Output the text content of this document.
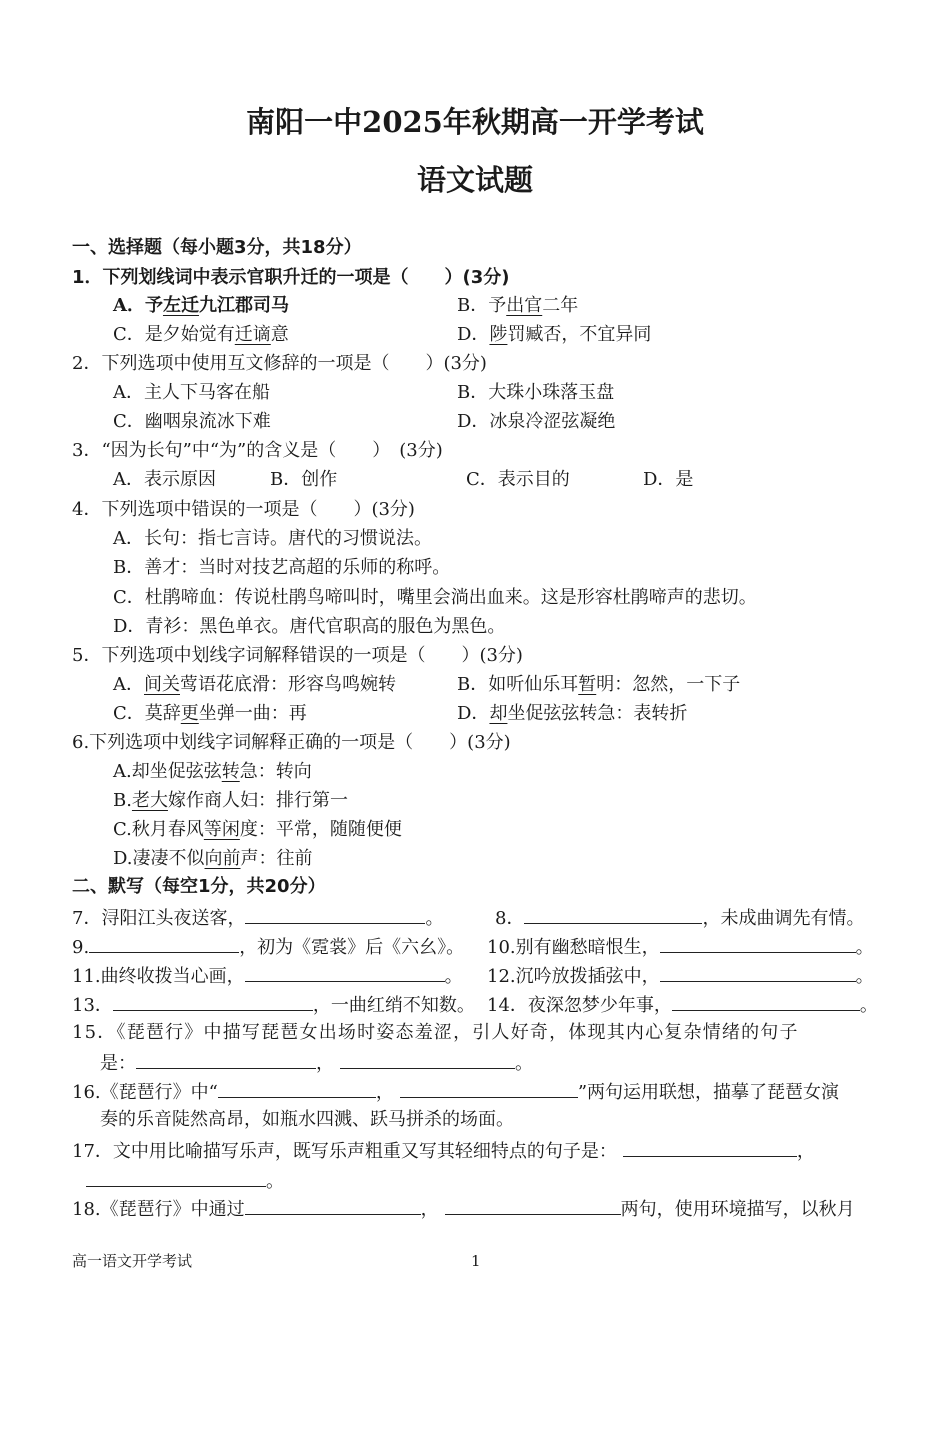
南阳一中2025年秋期高一开学考试
语文试题
一、选择题（每小题3分，共18分）
1．下列划线词中表示官职升迁的一项是（　　）(3分)
A．予左迁九江郡司马	B．予出官二年
C．是夕始觉有迁谪意	D．陟罚臧否，不宜异同
2．下列选项中使用互文修辞的一项是（　　）(3分)
A．主人下马客在船	B．大珠小珠落玉盘
C．幽咽泉流冰下难	D．冰泉冷涩弦凝绝
3．“因为长句”中“为”的含义是（　　）　(3分)
A．表示原因	B．创作	C．表示目的	D．是
4．下列选项中错误的一项是（　　）(3分)
A．长句：指七言诗。唐代的习惯说法。
B．善才：当时对技艺高超的乐师的称呼。
C．杜鹃啼血：传说杜鹃鸟啼叫时，嘴里会淌出血来。这是形容杜鹃啼声的悲切。
D．青衫：黑色单衣。唐代官职高的服色为黑色。
5．下列选项中划线字词解释错误的一项是（　　）(3分)
A．间关莺语花底滑：形容鸟鸣婉转	B．如听仙乐耳暂明：忽然，一下子
C．莫辞更坐弹一曲：再	D．却坐促弦弦转急：表转折
6.下列选项中划线字词解释正确的一项是（　　）(3分)
A.却坐促弦弦转急：转向
B.老大嫁作商人妇：排行第一
C.秋月春风等闲度：平常，随随便便
D.凄凄不似向前声：往前
二、默写（每空1分，共20分）
7．浔阳江头夜送客，	。	8．	，未成曲调先有情。
9.	，初为《霓裳》后《六幺》。 10.别有幽愁暗恨生，	。
11.曲终收拨当心画，	。 12.沉吟放拨插弦中，	。
13．	，一曲红绡不知数。 14．夜深忽梦少年事，	。
15．《琵琶行》中描写琵琶女出场时姿态羞涩，引人好奇，体现其内心复杂情绪的句子
是：	，	。
16.《琵琶行》中“	，	”两句运用联想，描摹了琵琶女演
奏的乐音陡然高昂，如瓶水四溅、跃马拼杀的场面。
17．文中用比喻描写乐声，既写乐声粗重又写其轻细特点的句子是：	，
。
18.《琵琶行》中通过	，	两句，使用环境描写，以秋月
高一语文开学考试	1
